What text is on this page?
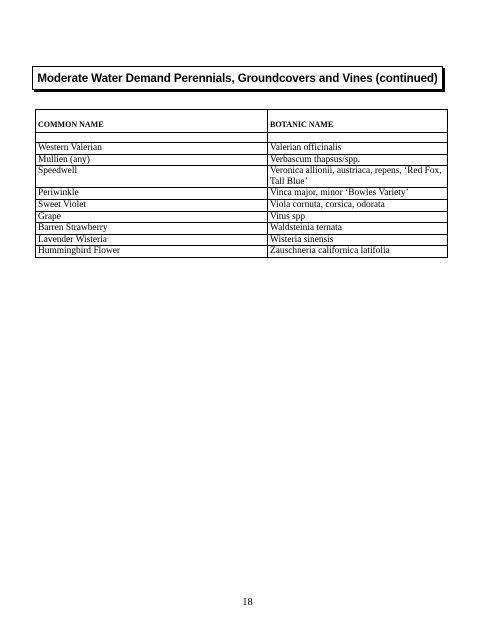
Moderate Water Demand Perennials, Groundcovers and Vines (continued)
COMMON NAME	BOTANIC NAME

Western Valerian	Valerian officinalis
Mullien (any)	Verbascum thapsus/spp.
Speedwell	Veronica allionii, austriaca, repens, ‘Red Fox, Tall Blue’
Periwinkle	Vinca major, minor ‘Bowles Variety’
Sweet Violet	Viola cornuta, corsica, odorata
Grape	Vitus spp
Barren Strawberry	Waldsteinia ternata
Lavender Wisteria	Wisteria sinensis
Hummingbird Flower	Zauschneria californica latifolia
18
